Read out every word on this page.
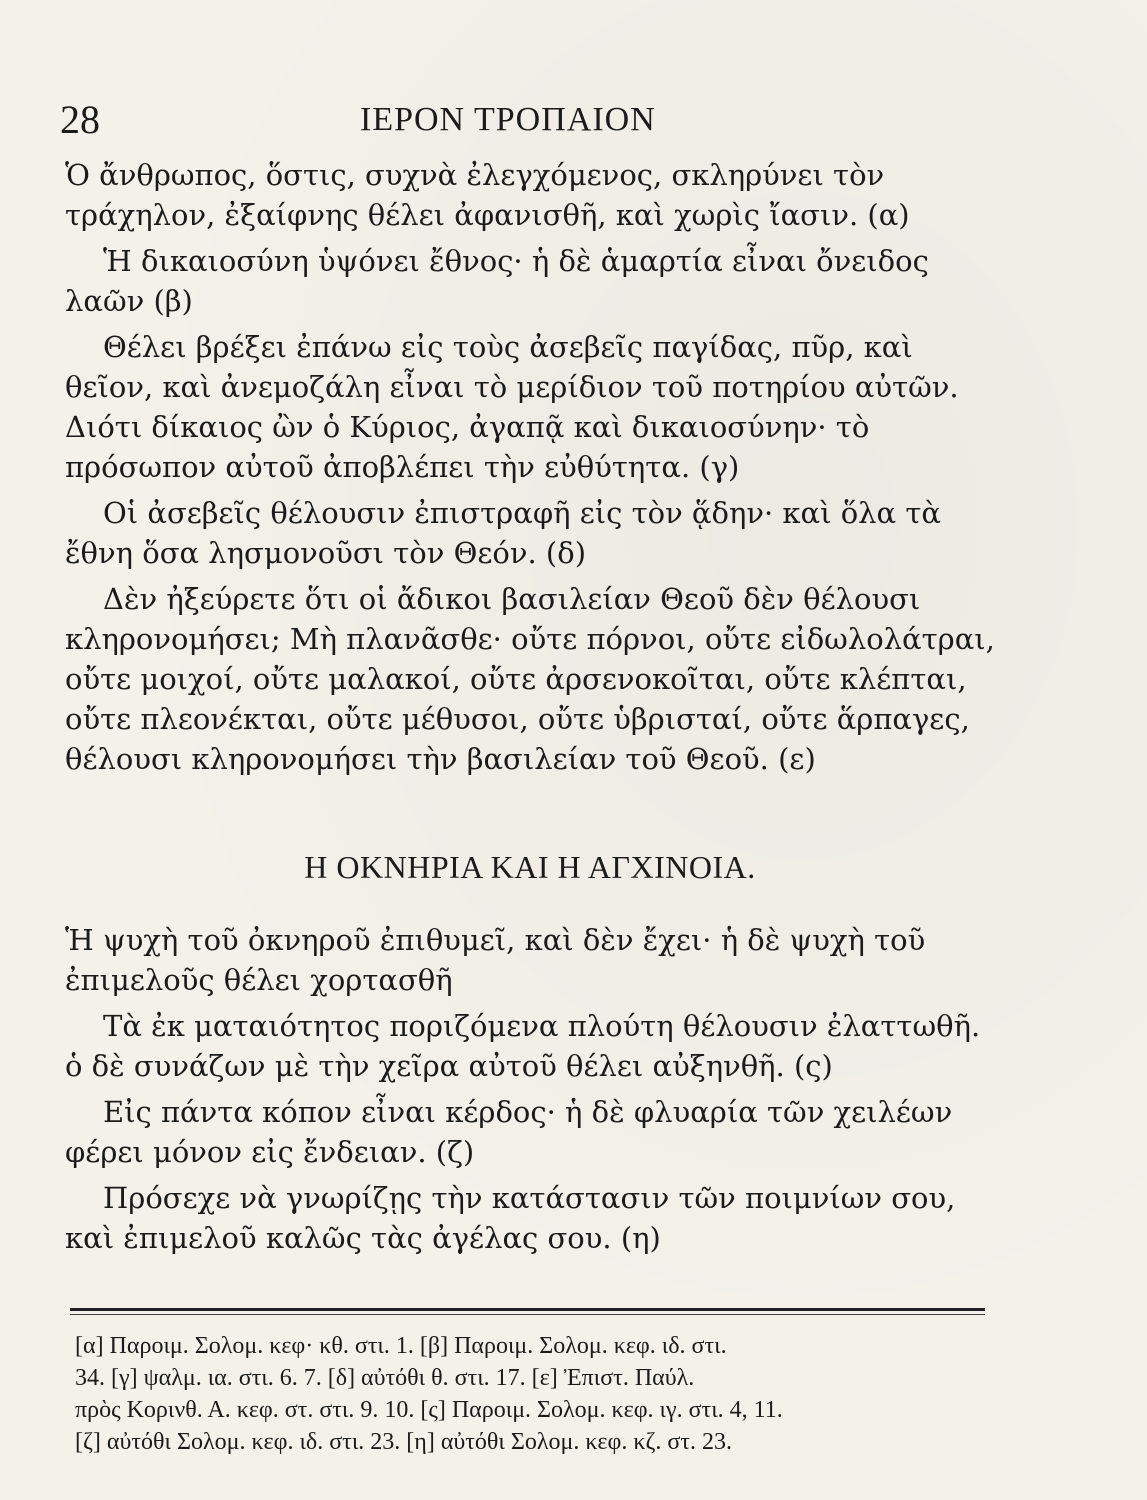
28	ΙΕΡΟΝ ΤΡΟΠΑΙΟΝ

Ὁ ἄνθρωπος, ὅστις, συχνὰ ἐλεγχόμενος, σκληρύνει τὸν τράχηλον, ἐξαίφνης θέλει ἀφανισθῆ, καὶ χωρὶς ἴασιν. (α)

Ἡ δικαιοσύνη ὑψόνει ἔθνος· ἡ δὲ ἁμαρτία εἶναι ὄνειδος λαῶν (β)

Θέλει βρέξει ἐπάνω εἰς τοὺς ἀσεβεῖς παγίδας, πῦρ, καὶ θεῖον, καὶ ἀνεμοζάλη εἶναι τὸ μερίδιον τοῦ ποτηρίου αὐτῶν. Διότι δίκαιος ὢν ὁ Κύριος, ἀγαπᾷ καὶ δικαιοσύνην· τὸ πρόσωπον αὐτοῦ ἀποβλέπει τὴν εὐθύτητα. (γ)

Οἱ ἀσεβεῖς θέλουσιν ἐπιστραφῆ εἰς τὸν ᾅδην· καὶ ὅλα τὰ ἔθνη ὅσα λησμονοῦσι τὸν Θεόν. (δ)

Δὲν ἠξεύρετε ὅτι οἱ ἄδικοι βασιλείαν Θεοῦ δὲν θέλουσι κληρονομήσει; Μὴ πλανᾶσθε· οὔτε πόρνοι, οὔτε εἰδωλολάτραι, οὔτε μοιχοί, οὔτε μαλακοί, οὔτε ἀρσενοκοῖται, οὔτε κλέπται, οὔτε πλεονέκται, οὔτε μέθυσοι, οὔτε ὑβρισταί, οὔτε ἅρπαγες, θέλουσι κληρονομήσει τὴν βασιλείαν τοῦ Θεοῦ. (ε)

Η ΟΚΝΗΡΙΑ ΚΑΙ Η ΑΓΧΙΝΟΙΑ.

Ἡ ψυχὴ τοῦ ὀκνηροῦ ἐπιθυμεῖ, καὶ δὲν ἔχει· ἡ δὲ ψυχὴ τοῦ ἐπιμελοῦς θέλει χορτασθῆ

Τὰ ἐκ ματαιότητος ποριζόμενα πλούτη θέλουσιν ἐλαττωθῆ. ὁ δὲ συνάζων μὲ τὴν χεῖρα αὐτοῦ θέλει αὐξηνθῆ. (ς)

Εἰς πάντα κόπον εἶναι κέρδος· ἡ δὲ φλυαρία τῶν χειλέων φέρει μόνον εἰς ἔνδειαν. (ζ)

Πρόσεχε νὰ γνωρίζῃς τὴν κατάστασιν τῶν ποιμνίων σου, καὶ ἐπιμελοῦ καλῶς τὰς ἀγέλας σου. (η)

[α] Παροιμ. Σολομ. κεφ· κθ. στι. 1. [β] Παροιμ. Σολομ. κεφ. ιδ. στι.
34. [γ] ψαλμ. ια. στι. 6. 7. [δ] αὐτόθι θ. στι. 17. [ε] Ἐπιστ. Παύλ.
πρὸς Κορινθ. Α. κεφ. στ. στι. 9. 10. [ς] Παροιμ. Σολομ. κεφ. ιγ. στι. 4, 11.
[ζ] αὐτόθι Σολομ. κεφ. ιδ. στι. 23. [η] αὐτόθι Σολομ. κεφ. κζ. στ. 23.
